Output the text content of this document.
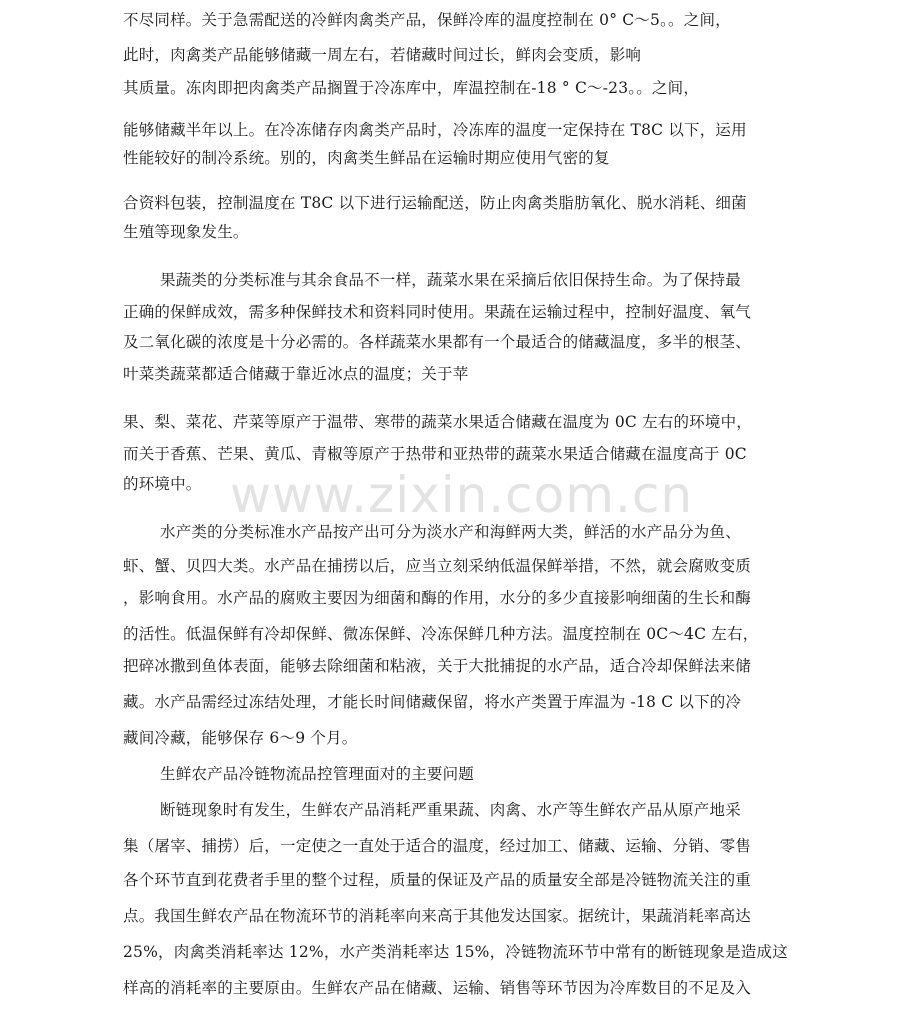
www.zixin.com.cn
不尽同样。关于急需配送的冷鲜肉禽类产品，保鲜冷库的温度控制在 0° C～5。。之间，
此时，肉禽类产品能够储藏一周左右，若储藏时间过长，鲜肉会变质，影响
其质量。冻肉即把肉禽类产品搁置于冷冻库中，库温控制在-18 ° C～-23。。之间，
能够储藏半年以上。在冷冻储存肉禽类产品时，冷冻库的温度一定保持在 T8C 以下，运用
性能较好的制冷系统。别的，肉禽类生鲜品在运输时期应使用气密的复
合资料包装，控制温度在 T8C 以下进行运输配送，防止肉禽类脂肪氧化、脱水消耗、细菌
生殖等现象发生。
果蔬类的分类标准与其余食品不一样，蔬菜水果在采摘后依旧保持生命。为了保持最
正确的保鲜成效，需多种保鲜技术和资料同时使用。果蔬在运输过程中，控制好温度、氧气
及二氧化碳的浓度是十分必需的。各样蔬菜水果都有一个最适合的储藏温度，多半的根茎、
叶菜类蔬菜都适合储藏于靠近冰点的温度；关于苹
果、梨、菜花、芹菜等原产于温带、寒带的蔬菜水果适合储藏在温度为 0C 左右的环境中，
而关于香蕉、芒果、黄瓜、青椒等原产于热带和亚热带的蔬菜水果适合储藏在温度高于 0C
的环境中。
水产类的分类标准水产品按产出可分为淡水产和海鲜两大类，鲜活的水产品分为鱼、
虾、蟹、贝四大类。水产品在捕捞以后，应当立刻采纳低温保鲜举措，不然，就会腐败变质
，影响食用。水产品的腐败主要因为细菌和酶的作用，水分的多少直接影响细菌的生长和酶
的活性。低温保鲜有冷却保鲜、微冻保鲜、冷冻保鲜几种方法。温度控制在 0C～4C 左右，
把碎冰撒到鱼体表面，能够去除细菌和粘液，关于大批捕捉的水产品，适合冷却保鲜法来储
藏。水产品需经过冻结处理，才能长时间储藏保留，将水产类置于库温为 -18 C 以下的冷
藏间冷藏，能够保存 6～9 个月。
生鲜农产品冷链物流品控管理面对的主要问题
断链现象时有发生，生鲜农产品消耗严重果蔬、肉禽、水产等生鲜农产品从原产地采
集（屠宰、捕捞）后，一定使之一直处于适合的温度，经过加工、储藏、运输、分销、零售
各个环节直到花费者手里的整个过程，质量的保证及产品的质量安全部是冷链物流关注的重
点。我国生鲜农产品在物流环节的消耗率向来高于其他发达国家。据统计，果蔬消耗率高达
25%，肉禽类消耗率达 12%，水产类消耗率达 15%，冷链物流环节中常有的断链现象是造成这
样高的消耗率的主要原由。生鲜农产品在储藏、运输、销售等环节因为冷库数目的不足及入
